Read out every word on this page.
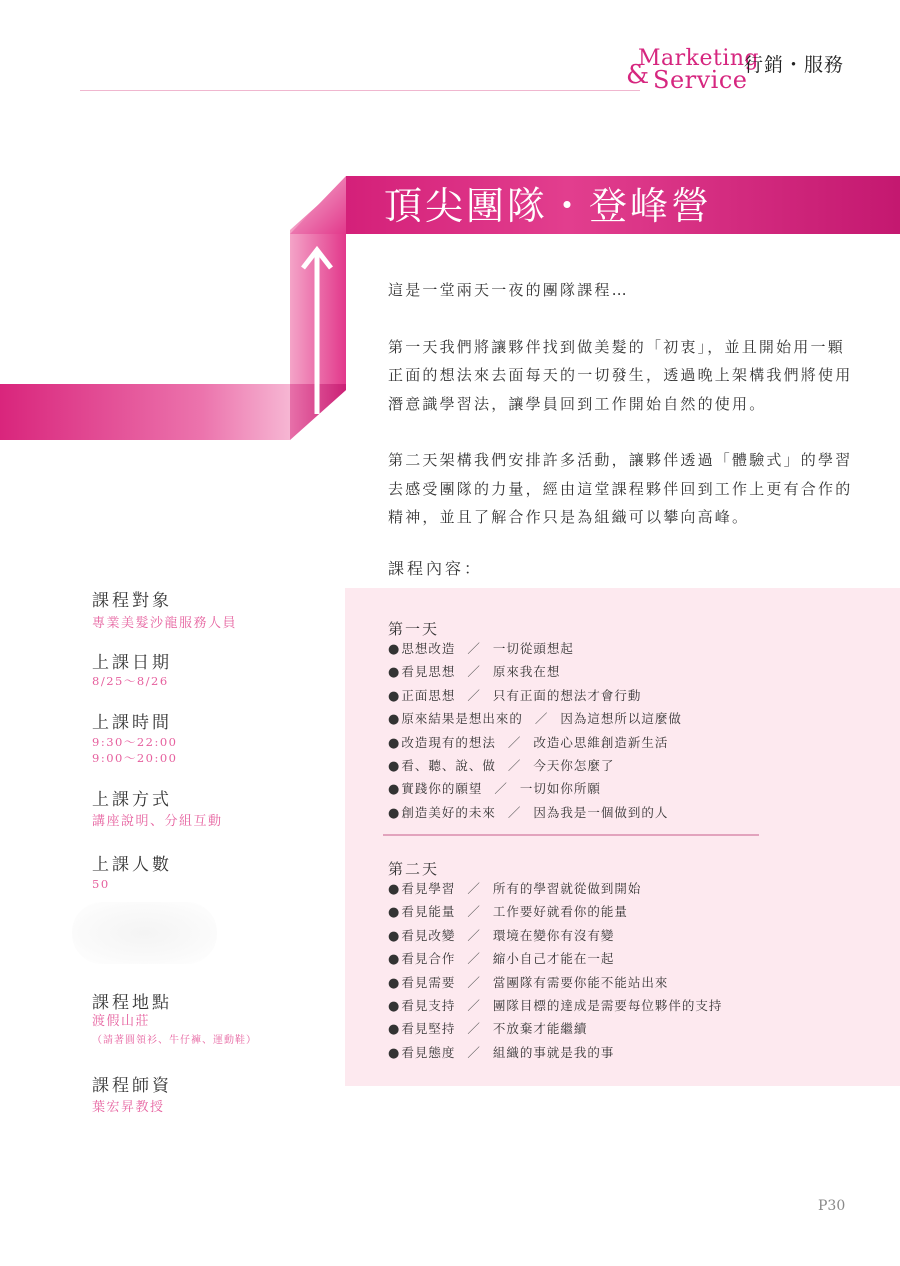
Marketing
& Service
行銷・服務
頂尖團隊・登峰營

這是一堂兩天一夜的團隊課程…

第一天我們將讓夥伴找到做美髮的「初衷」，並且開始用一顆正面的想法來去面每天的一切發生，透過晚上架構我們將使用潛意識學習法，讓學員回到工作開始自然的使用。

第二天架構我們安排許多活動，讓夥伴透過「體驗式」的學習去感受團隊的力量，經由這堂課程夥伴回到工作上更有合作的精神，並且了解合作只是為組織可以攀向高峰。

課程內容：
第一天
●思想改造 ／ 一切從頭想起
●看見思想 ／ 原來我在想
●正面思想 ／ 只有正面的想法才會行動
●原來結果是想出來的 ／ 因為這想所以這麼做
●改造現有的想法 ／ 改造心思維創造新生活
●看、聽、說、做 ／ 今天你怎麼了
●實踐你的願望 ／ 一切如你所願
●創造美好的未來 ／ 因為我是一個做到的人
第二天
●看見學習 ／ 所有的學習就從做到開始
●看見能量 ／ 工作要好就看你的能量
●看見改變 ／ 環境在變你有沒有變
●看見合作 ／ 縮小自己才能在一起
●看見需要 ／ 當團隊有需要你能不能站出來
●看見支持 ／ 團隊目標的達成是需要每位夥伴的支持
●看見堅持 ／ 不放棄才能繼續
●看見態度 ／ 組織的事就是我的事
課程對象
專業美髮沙龍服務人員
上課日期
8/25～8/26
上課時間
9:30～22:00
9:00～20:00
上課方式
講座說明、分組互動
上課人數
50
課程地點
渡假山莊
（請著圓領衫、牛仔褲、運動鞋）
課程師資
葉宏昇教授
P30
